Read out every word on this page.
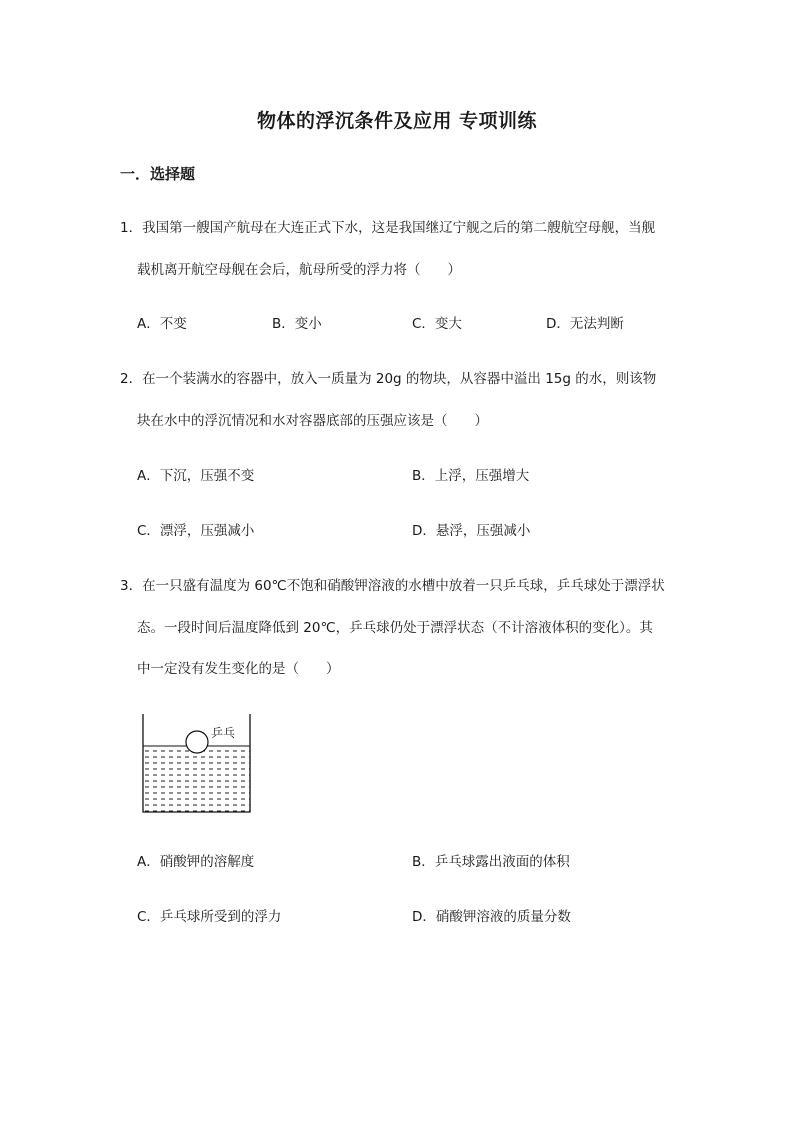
物体的浮沉条件及应用 专项训练
一．选择题
1．我国第一艘国产航母在大连正式下水，这是我国继辽宁舰之后的第二艘航空母舰，当舰
载机离开航空母舰在会后，航母所受的浮力将（　　）
A．不变	B．变小	C．变大	D．无法判断
2．在一个装满水的容器中，放入一质量为 20g 的物块，从容器中溢出 15g 的水，则该物
块在水中的浮沉情况和水对容器底部的压强应该是（　　）
A．下沉，压强不变	B．上浮，压强增大
C．漂浮，压强减小	D．悬浮，压强减小
3．在一只盛有温度为 60℃不饱和硝酸钾溶液的水槽中放着一只乒乓球，乒乓球处于漂浮状
态。一段时间后温度降低到 20℃，乒乓球仍处于漂浮状态（不计溶液体积的变化）。其
中一定没有发生变化的是（　　）
乒乓
A．硝酸钾的溶解度	B．乒乓球露出液面的体积
C．乒乓球所受到的浮力	D．硝酸钾溶液的质量分数
